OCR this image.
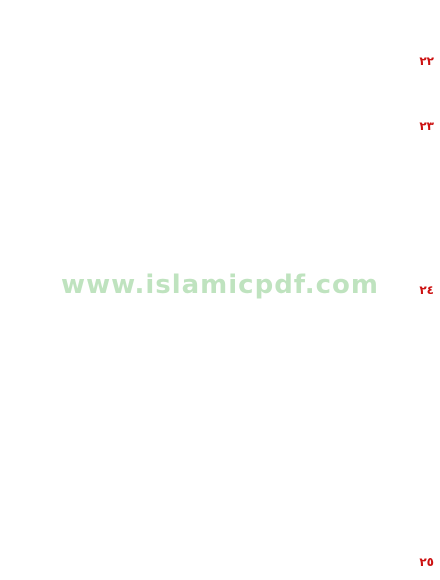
www.islamicpdf.com
٢٢
٢٣
٢٤
٢٥
